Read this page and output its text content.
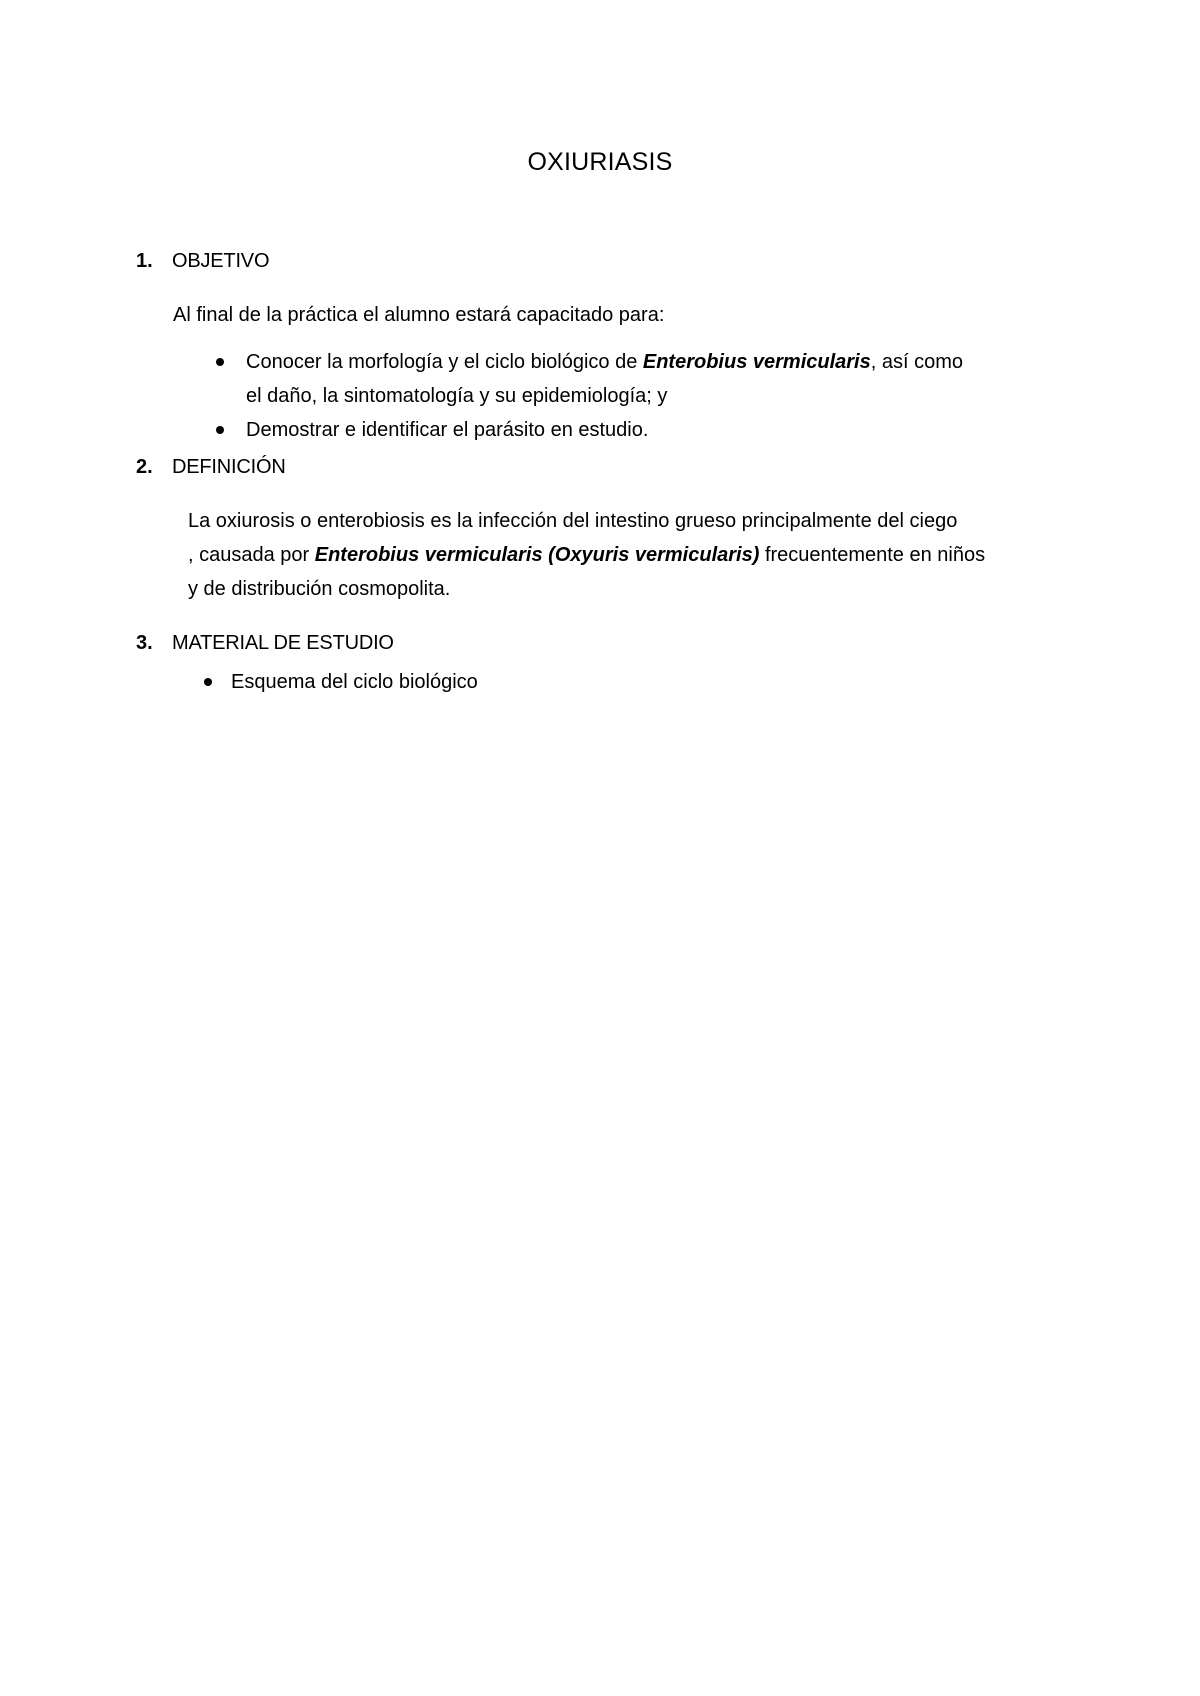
OXIURIASIS
1. OBJETIVO
Al final de la práctica el alumno estará capacitado para:
Conocer la morfología y el ciclo biológico de Enterobius vermicularis, así como
el daño, la sintomatología y su epidemiología; y
Demostrar e identificar el parásito en estudio.
2. DEFINICIÓN
La oxiurosis o enterobiosis es la infección del intestino grueso principalmente del ciego
, causada por Enterobius vermicularis (Oxyuris vermicularis) frecuentemente en niños
y de distribución cosmopolita.
3. MATERIAL DE ESTUDIO
Esquema del ciclo biológico
